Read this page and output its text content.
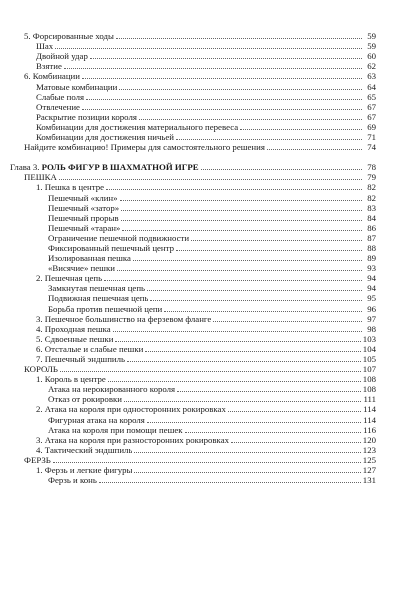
5. Форсированные ходы	59
Шах	59
Двойной удар	60
Взятие	62
6. Комбинации	63
Матовые комбинации	64
Слабые поля	65
Отвлечение	67
Раскрытие позиции короля	67
Комбинации для достижения материального перевеса	69
Комбинации для достижения ничьей	71
Найдите комбинацию! Примеры для самостоятельного решения	74
Глава 3. РОЛЬ ФИГУР В ШАХМАТНОЙ ИГРЕ	78
ПЕШКА	79
1. Пешка в центре	82
Пешечный «клин»	82
Пешечный «затор»	83
Пешечный прорыв	84
Пешечный «таран»	86
Ограничение пешечной подвижности	87
Фиксированный пешечный центр	88
Изолированная пешка	89
«Висячие» пешки	93
2. Пешечная цепь	94
Замкнутая пешечная цепь	94
Подвижная пешечная цепь	95
Борьба против пешечной цепи	96
3. Пешечное большинство на ферзевом фланге	97
4. Проходная пешка	98
5. Сдвоенные пешки	103
6. Отсталые и слабые пешки	104
7. Пешечный эндшпиль	105
КОРОЛЬ	107
1. Король в центре	108
Атака на нерокированного короля	108
Отказ от рокировки	111
2. Атака на короля при односторонних рокировках	114
Фигурная атака на короля	114
Атака на короля при помощи пешек	116
3. Атака на короля при разносторонних рокировках	120
4. Тактический эндшпиль	123
ФЕРЗЬ	125
1. Ферзь и легкие фигуры	127
Ферзь и конь	131
